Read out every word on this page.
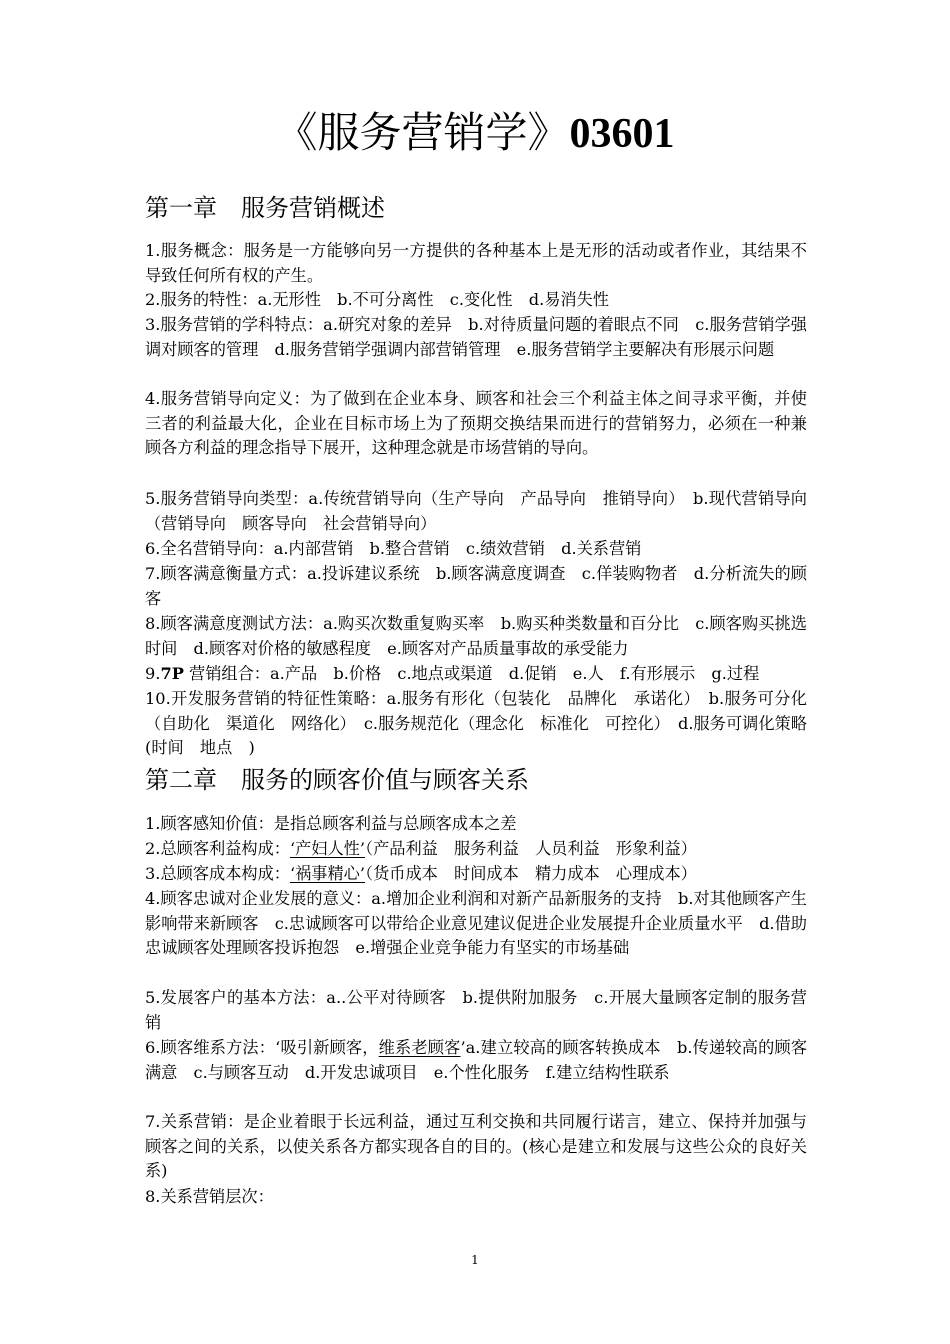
《服务营销学》03601
第一章　服务营销概述
1.服务概念：服务是一方能够向另一方提供的各种基本上是无形的活动或者作业，其结果不导致任何所有权的产生。
2.服务的特性：a.无形性　b.不可分离性　c.变化性　d.易消失性
3.服务营销的学科特点：a.研究对象的差异　b.对待质量问题的着眼点不同　c.服务营销学强调对顾客的管理　d.服务营销学强调内部营销管理　e.服务营销学主要解决有形展示问题
4.服务营销导向定义：为了做到在企业本身、顾客和社会三个利益主体之间寻求平衡，并使三者的利益最大化，企业在目标市场上为了预期交换结果而进行的营销努力，必须在一种兼顾各方利益的理念指导下展开，这种理念就是市场营销的导向。
5.服务营销导向类型：a.传统营销导向（生产导向　产品导向　推销导向）　b.现代营销导向（营销导向　顾客导向　社会营销导向）
6.全名营销导向：a.内部营销　b.整合营销　c.绩效营销　d.关系营销
7.顾客满意衡量方式：a.投诉建议系统　b.顾客满意度调查　c.佯装购物者　d.分析流失的顾客
8.顾客满意度测试方法：a.购买次数重复购买率　b.购买种类数量和百分比　c.顾客购买挑选时间　d.顾客对价格的敏感程度　e.顾客对产品质量事故的承受能力
9.7P 营销组合：a.产品　b.价格　c.地点或渠道　d.促销　e.人　f.有形展示　g.过程
10.开发服务营销的特征性策略：a.服务有形化（包装化　品牌化　承诺化）　b.服务可分化（自助化　渠道化　网络化）　c.服务规范化（理念化　标准化　可控化）　d.服务可调化策略(时间　地点　)
第二章　服务的顾客价值与顾客关系
1.顾客感知价值：是指总顾客利益与总顾客成本之差
2.总顾客利益构成：‘产妇人性’（产品利益　服务利益　人员利益　形象利益）
3.总顾客成本构成：‘祸事精心’（货币成本　时间成本　精力成本　心理成本）
4.顾客忠诚对企业发展的意义：a.增加企业利润和对新产品新服务的支持　b.对其他顾客产生影响带来新顾客　c.忠诚顾客可以带给企业意见建议促进企业发展提升企业质量水平　d.借助忠诚顾客处理顾客投诉抱怨　e.增强企业竞争能力有坚实的市场基础
5.发展客户的基本方法：a..公平对待顾客　b.提供附加服务　c.开展大量顾客定制的服务营销
6.顾客维系方法：‘吸引新顾客，维系老顾客’a.建立较高的顾客转换成本　b.传递较高的顾客满意　c.与顾客互动　d.开发忠诚项目　e.个性化服务　f.建立结构性联系
7.关系营销：是企业着眼于长远利益，通过互利交换和共同履行诺言，建立、保持并加强与顾客之间的关系，以使关系各方都实现各自的目的。(核心是建立和发展与这些公众的良好关系)
8.关系营销层次：
1
